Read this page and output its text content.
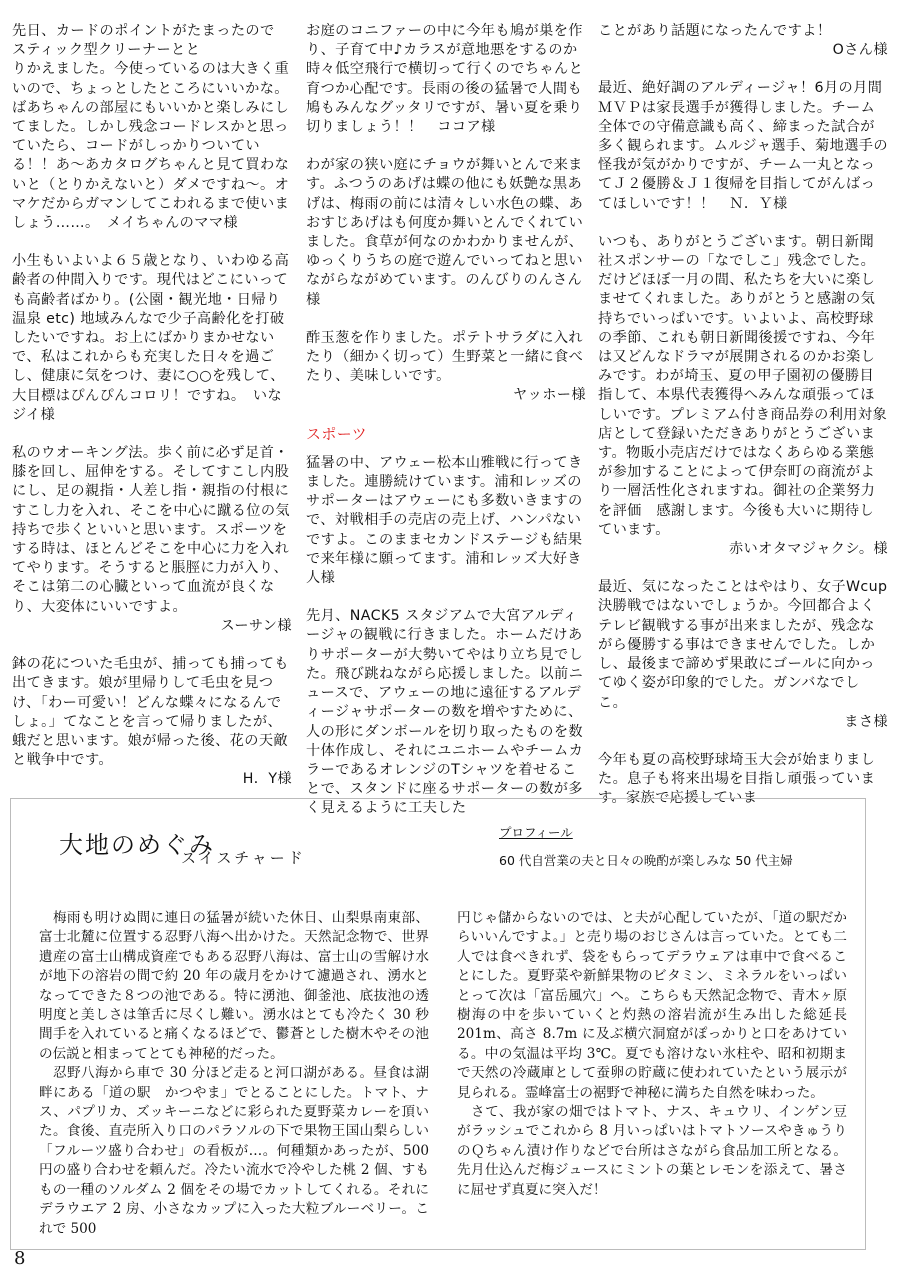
先日、カードのポイントがたまったので
スティック型クリーナーとと
りかえました。今使っているのは大きく重いので、ちょっとしたところにいいかな。ばあちゃんの部屋にもいいかと楽しみにしてました。しかし残念コードレスかと思っていたら、コードがしっかりついている！！あ～あカタログちゃんと見て買わないと（とりかえないと）ダメですね～。オマケだからガマンしてこわれるまで使いましょう……。　メイちゃんのママ様

小生もいよいよ６５歳となり、いわゆる高齢者の仲間入りです。現代はどこにいっても高齢者ばかり。(公園・観光地・日帰り温泉 etc) 地域みんなで少子高齢化を打破したいですね。お上にばかりまかせないで、私はこれからも充実した日々を過ごし、健康に気をつけ、妻に○○を残して、大目標はぴんぴんコロリ！ですね。　いなジイ様

私のウオーキング法。歩く前に必ず足首・膝を回し、屈伸をする。そしてすこし内股にし、足の親指・人差し指・親指の付根にすこし力を入れ、そこを中心に蹴る位の気持ちで歩くといいと思います。スポーツをする時は、ほとんどそこを中心に力を入れてやります。そうすると脹脛に力が入り、そこは第二の心臓といって血流が良くなり、大変体にいいですよ。

スーサン様

鉢の花についた毛虫が、捕っても捕っても出てきます。娘が里帰りして毛虫を見つけ、「わー可愛い！どんな蝶々になるんでしょ。」てなことを言って帰りましたが、蛾だと思います。娘が帰った後、花の天敵と戦争中です。

H．Y様

お庭のコニファーの中に今年も鳩が巣を作り、子育て中♪カラスが意地悪をするのか時々低空飛行で横切って行くのでちゃんと育つか心配です。長雨の後の猛暑で人間も鳩もみんなグッタリですが、暑い夏を乗り切りましょう！！　ココア様

わが家の狭い庭にチョウが舞いとんで来ます。ふつうのあげは蝶の他にも妖艶な黒あげは、梅雨の前には清々しい水色の蝶、あおすじあげはも何度か舞いとんでくれていました。食草が何なのかわかりませんが、ゆっくりうちの庭で遊んでいってねと思いながらながめています。のんびりのんさん様

酢玉葱を作りました。ポテトサラダに入れたり（細かく切って）生野菜と一緒に食べたり、美味しいです。

ヤッホー様

スポーツ

猛暑の中、アウェー松本山雅戦に行ってきました。連勝続けています。浦和レッズのサポーターはアウェーにも多数いきますので、対戦相手の売店の売上げ、ハンパないですよ。このままセカンドステージも結果で来年様に願ってます。浦和レッズ大好き人様

先月、NACK5 スタジアムで大宮アルディージャの観戦に行きました。ホームだけありサポーターが大勢いてやはり立ち見でした。飛び跳ねながら応援しました。以前ニュースで、アウェーの地に遠征するアルディージャサポーターの数を増やすために、人の形にダンボールを切り取ったものを数十体作成し、それにユニホームやチームカラーであるオレンジのTシャツを着せることで、スタンドに座るサポーターの数が多く見えるように工夫した

ことがあり話題になったんですよ！

Oさん様

最近、絶好調のアルディージャ！6月の月間ＭＶＰは家長選手が獲得しました。チーム全体での守備意識も高く、締まった試合が多く観られます。ムルジャ選手、菊地選手の怪我が気がかりですが、チーム一丸となってＪ２優勝＆Ｊ１復帰を目指してがんばってほしいです！！　Ｎ．Ｙ様

いつも、ありがとうございます。朝日新聞社スポンサーの「なでしこ」残念でした。だけどほぼ一月の間、私たちを大いに楽しませてくれました。ありがとうと感謝の気持ちでいっぱいです。いよいよ、高校野球の季節、これも朝日新聞後援ですね、今年は又どんなドラマが展開されるのかお楽しみです。わが埼玉、夏の甲子園初の優勝目指して、本県代表獲得へみんな頑張ってほしいです。プレミアム付き商品券の利用対象店として登録いただきありがとうございます。物販小売店だけではなくあらゆる業態が参加することによって伊奈町の商流がより一層活性化されますね。御社の企業努力を評価　感謝します。今後も大いに期待しています。

赤いオタマジャクシ。様

最近、気になったことはやはり、女子Wcup決勝戦ではないでしょうか。今回都合よくテレビ観戦する事が出来ましたが、残念ながら優勝する事はできませんでした。しかし、最後まで諦めず果敢にゴールに向かってゆく姿が印象的でした。ガンバなでしこ。

まさ様

今年も夏の高校野球埼玉大会が始まりました。息子も将来出場を目指し頑張っています。家族で応援していま

大地のめぐみ
スイスチャード
プロフィール
60 代自営業の夫と日々の晩酌が楽しみな 50 代主婦

　梅雨も明けぬ間に連日の猛暑が続いた休日、山梨県南東部、富士北麓に位置する忍野八海へ出かけた。天然記念物で、世界遺産の富士山構成資産でもある忍野八海は、富士山の雪解け水が地下の溶岩の間で約 20 年の歳月をかけて濾過され、湧水となってできた８つの池である。特に湧池、御釜池、底抜池の透明度と美しさは筆舌に尽くし難い。湧水はとても冷たく 30 秒間手を入れていると痛くなるほどで、鬱蒼とした樹木やその池の伝説と相まってとても神秘的だった。
　忍野八海から車で 30 分ほど走ると河口湖がある。昼食は湖畔にある「道の駅　かつやま」でとることにした。トマト、ナス、パプリカ、ズッキーニなどに彩られた夏野菜カレーを頂いた。食後、直売所入り口のパラソルの下で果物王国山梨らしい「フルーツ盛り合わせ」の看板が…。何種類かあったが、500 円の盛り合わせを頼んだ。冷たい流水で冷やした桃 2 個、すももの一種のソルダム 2 個をその場でカットしてくれる。それにデラウエア 2 房、小さなカップに入った大粒ブルーベリー。これで 500

円じゃ儲からないのでは、と夫が心配していたが、「道の駅だからいいんですよ。」と売り場のおじさんは言っていた。とても二人では食べきれず、袋をもらってデラウェアは車中で食べることにした。夏野菜や新鮮果物のビタミン、ミネラルをいっぱいとって次は「富岳風穴」へ。こちらも天然記念物で、青木ヶ原樹海の中を歩いていくと灼熱の溶岩流が生み出した総延長 201m、高さ 8.7m に及ぶ横穴洞窟がぽっかりと口をあけている。中の気温は平均 3℃。夏でも溶けない氷柱や、昭和初期まで天然の冷蔵庫として蚕卵の貯蔵に使われていたという展示が見られる。霊峰富士の裾野で神秘に満ちた自然を味わった。
　さて、我が家の畑ではトマト、ナス、キュウリ、インゲン豆がラッシュでこれから 8 月いっぱいはトマトソースやきゅうりのＱちゃん漬け作りなどで台所はさながら食品加工所となる。先月仕込んだ梅ジュースにミントの葉とレモンを添えて、暑さに屈せず真夏に突入だ！

8
